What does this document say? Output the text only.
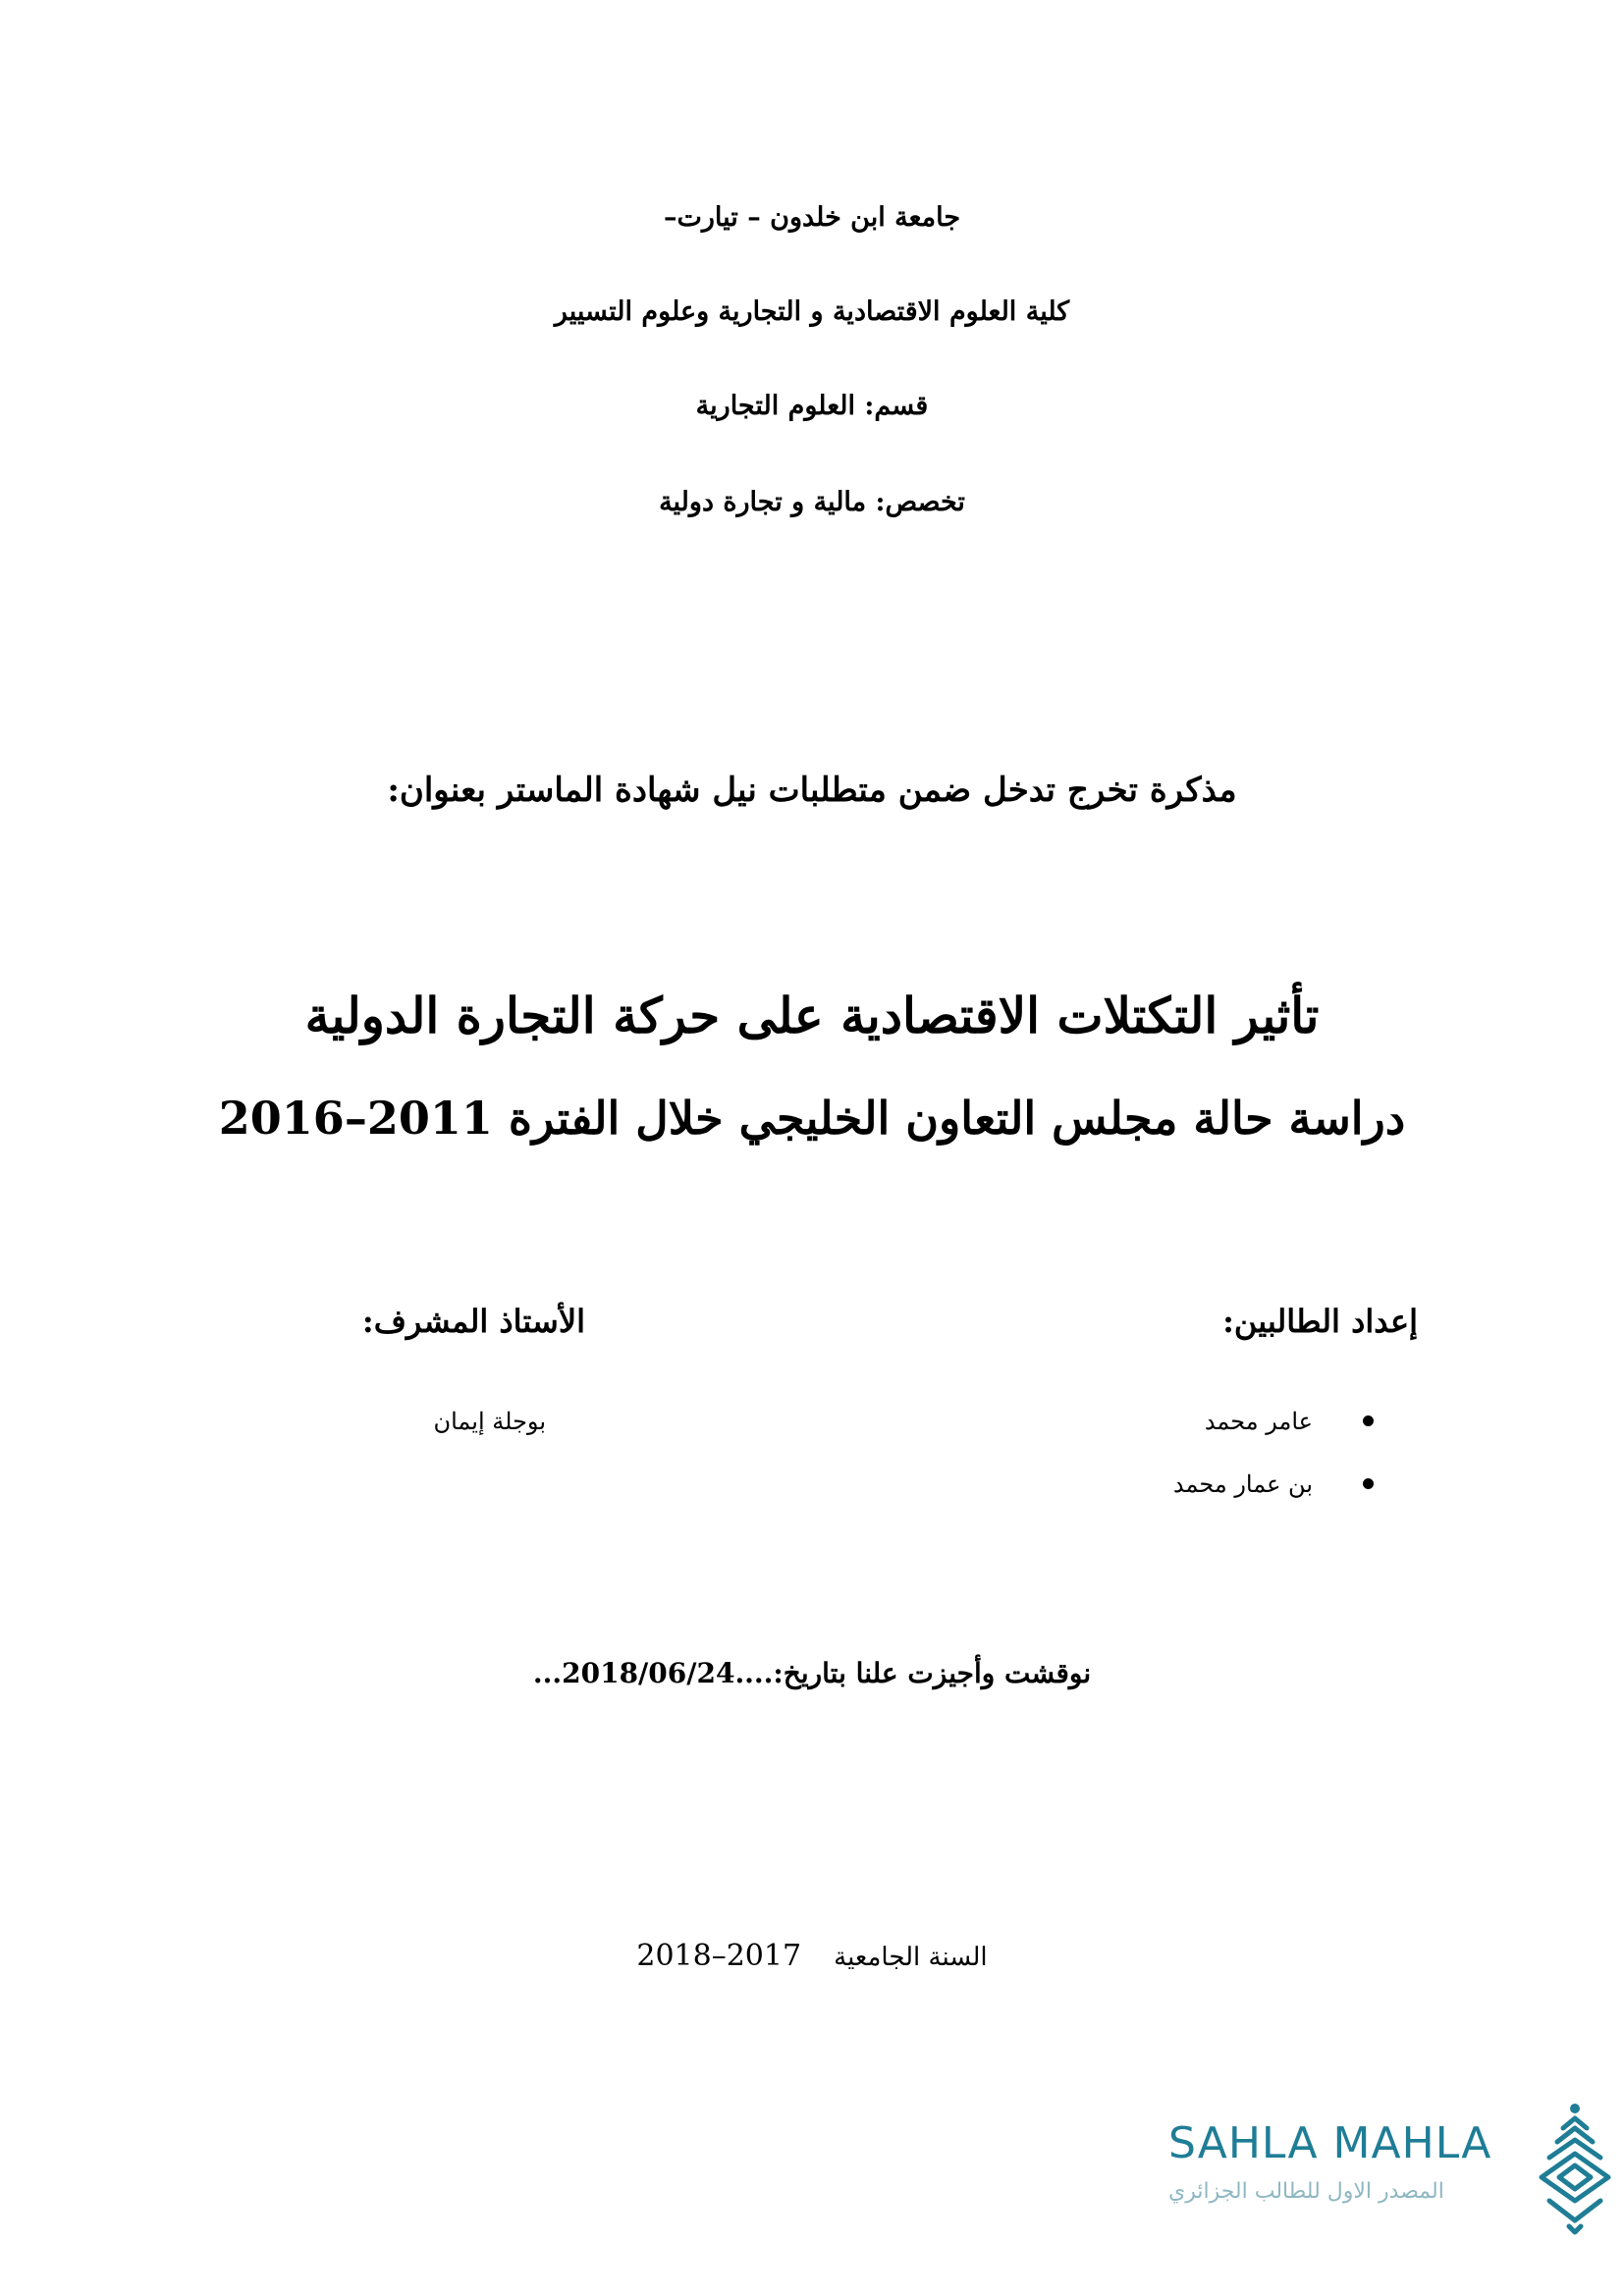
جامعة ابن خلدون – تيارت–
كلية العلوم الاقتصادية و التجارية وعلوم التسيير
قسم: العلوم التجارية
تخصص: مالية و تجارة دولية
مذكرة تخرج تدخل ضمن متطلبات نيل شهادة الماستر بعنوان:
تأثير التكتلات الاقتصادية على حركة التجارة الدولية
دراسة حالة مجلس التعاون الخليجي خلال الفترة 2011–2016
إعداد الطالبين:
الأستاذ المشرف:
عامر محمد
بن عمار محمد
بوجلة إيمان
نوقشت وأجيزت علنا بتاريخ:....2018/06/24...
السنة الجامعية    2017–2018
SAHLA MAHLA
المصدر الاول للطالب الجزائري
